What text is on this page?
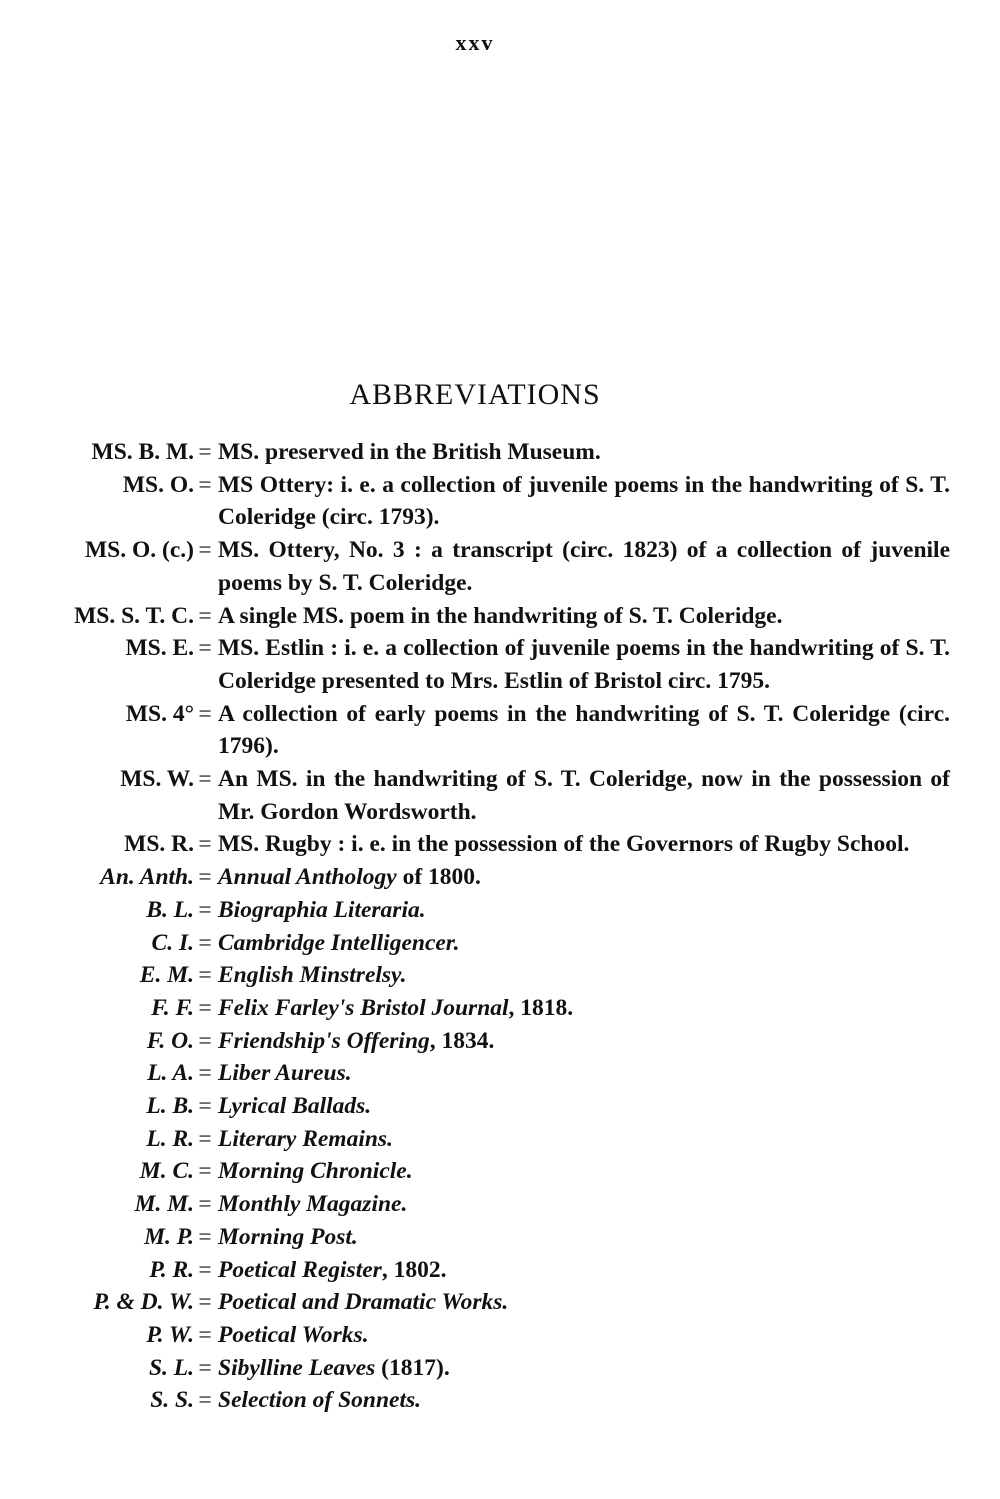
xxv
ABBREVIATIONS
MS. B. M. = MS. preserved in the British Museum.
MS. O. = MS Ottery: i. e. a collection of juvenile poems in the handwriting of S. T. Coleridge (circ. 1793).
MS. O. (c.) = MS. Ottery, No. 3 : a transcript (circ. 1823) of a collection of juvenile poems by S. T. Coleridge.
MS. S. T. C. = A single MS. poem in the handwriting of S. T. Coleridge.
MS. E. = MS. Estlin : i. e. a collection of juvenile poems in the handwriting of S. T. Coleridge presented to Mrs. Estlin of Bristol circ. 1795.
MS. 4° = A collection of early poems in the handwriting of S. T. Coleridge (circ. 1796).
MS. W. = An MS. in the handwriting of S. T. Coleridge, now in the possession of Mr. Gordon Wordsworth.
MS. R. = MS. Rugby : i. e. in the possession of the Governors of Rugby School.
An. Anth. = Annual Anthology of 1800.
B. L. = Biographia Literaria.
C. I. = Cambridge Intelligencer.
E. M. = English Minstrelsy.
F. F. = Felix Farley's Bristol Journal, 1818.
F. O. = Friendship's Offering, 1834.
L. A. = Liber Aureus.
L. B. = Lyrical Ballads.
L. R. = Literary Remains.
M. C. = Morning Chronicle.
M. M. = Monthly Magazine.
M. P. = Morning Post.
P. R. = Poetical Register, 1802.
P. & D. W. = Poetical and Dramatic Works.
P. W. = Poetical Works.
S. L. = Sibylline Leaves (1817).
S. S. = Selection of Sonnets.
